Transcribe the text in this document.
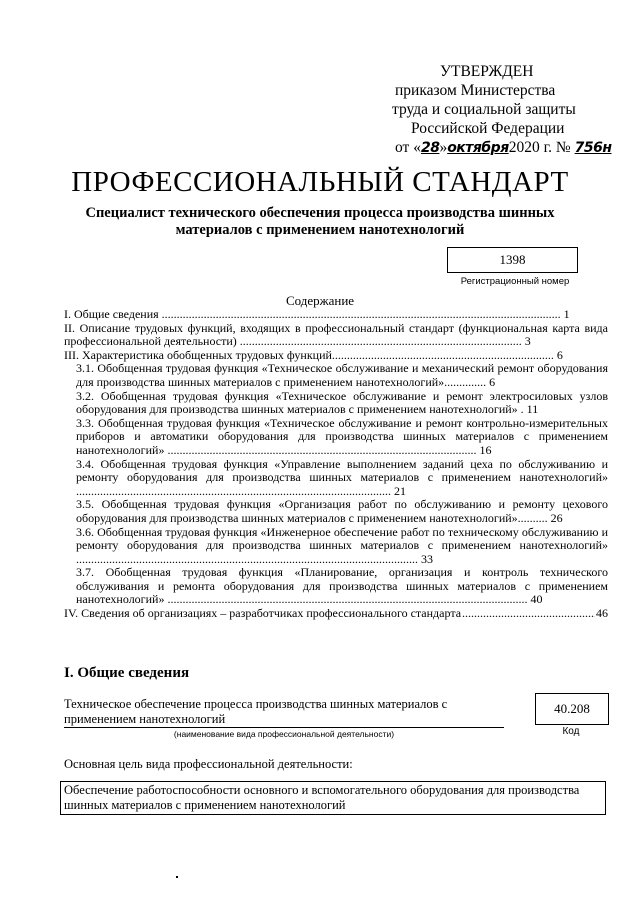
УТВЕРЖДЕН
приказом Министерства
труда и социальной защиты
Российской Федерации
от «28»октября2020 г. № 756н
ПРОФЕССИОНАЛЬНЫЙ СТАНДАРТ
Специалист технического обеспечения процесса производства шинных материалов с применением нанотехнологий
1398
Регистрационный номер
Содержание

I. Общие сведения ..................................................................................................................................... 1

II. Описание трудовых функций, входящих в профессиональный стандарт (функциональная карта вида профессиональной деятельности) .............................................................................................. 3

III. Характеристика обобщенных трудовых функций.......................................................................... 6

3.1. Обобщенная трудовая функция «Техническое обслуживание и механический ремонт оборудования для производства шинных материалов с применением нанотехнологий».............. 6

3.2. Обобщенная трудовая функция «Техническое обслуживание и ремонт электросиловых узлов оборудования для производства шинных материалов с применением нанотехнологий» . 11

3.3. Обобщенная трудовая функция «Техническое обслуживание и ремонт контрольно-измерительных приборов и автоматики оборудования для производства шинных материалов с применением нанотехнологий» ....................................................................................................... 16

3.4. Обобщенная трудовая функция «Управление выполнением заданий цеха по обслуживанию и ремонту оборудования для производства шинных материалов с применением нанотехнологий» ......................................................................................................... 21

3.5. Обобщенная трудовая функция «Организация работ по обслуживанию и ремонту цехового оборудования для производства шинных материалов с применением нанотехнологий».......... 26

3.6. Обобщенная трудовая функция «Инженерное обеспечение работ по техническому обслуживанию и ремонту оборудования для производства шинных материалов с применением нанотехнологий» .................................................................................................................. 33

3.7. Обобщенная трудовая функция «Планирование, организация и контроль технического обслуживания и ремонта оборудования для производства шинных материалов с применением нанотехнологий» ........................................................................................................................ 40

IV. Сведения об организациях – разработчиках профессионального стандарта .....	46
I. Общие сведения
Техническое обеспечение процесса производства шинных материалов с применением нанотехнологий
(наименование вида профессиональной деятельности)
40.208
Код
Основная цель вида профессиональной деятельности:
Обеспечение работоспособности основного и вспомогательного оборудования для производства шинных материалов с применением нанотехнологий
